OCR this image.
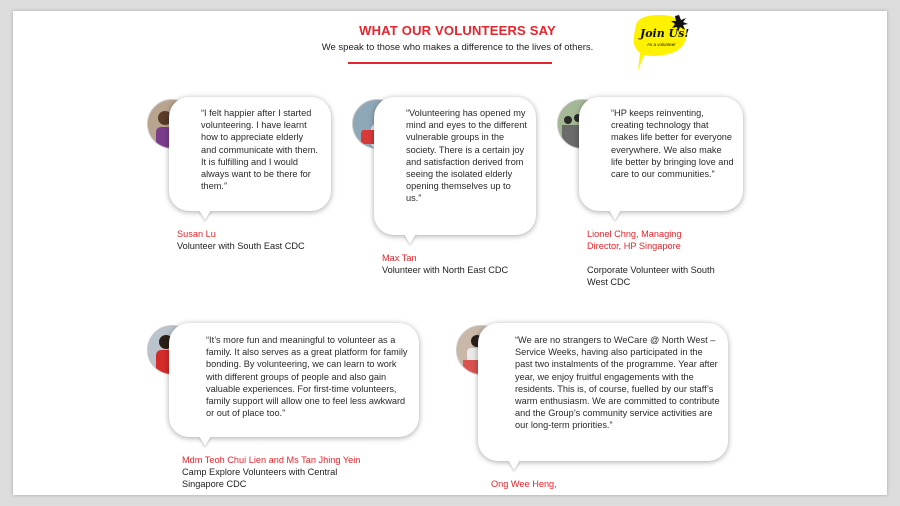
WHAT OUR VOLUNTEERS SAY
We speak to those who makes a difference to the lives of others.
Join Us!
As a volunteer
“I felt happier after I started volunteering. I have learnt how to appreciate elderly and communicate with them. It is fulfilling and I would always want to be there for them.”
Susan Lu
Volunteer with South East CDC
“Volunteering has opened my mind and eyes to the different vulnerable groups in the society. There is a certain joy and satisfaction derived from seeing the isolated elderly opening themselves up to us.”
Max Tan
Volunteer with North East CDC
“HP keeps reinventing, creating technology that makes life better for everyone everywhere. We also make life better by bringing love and care to our communities.”
Lionel Chng, Managing Director, HP Singapore
Corporate Volunteer with South West CDC
“It’s more fun and meaningful to volunteer as a family. It also serves as a great platform for family bonding. By volunteering, we can learn to work with different groups of people and also gain valuable experiences. For first-time volunteers, family support will allow one to feel less awkward or out of place too.”
Mdm Teoh Chui Lien and Ms Tan Jhing Yein
Camp Explore Volunteers with Central Singapore CDC
“We are no strangers to WeCare @ North West – Service Weeks, having also participated in the past two instalments of the programme. Year after year, we enjoy fruitful engagements with the residents. This is, of course, fuelled by our staff’s warm enthusiasm. We are committed to contribute and the Group’s community service activities are our long-term priorities.”
Ong Wee Heng,
